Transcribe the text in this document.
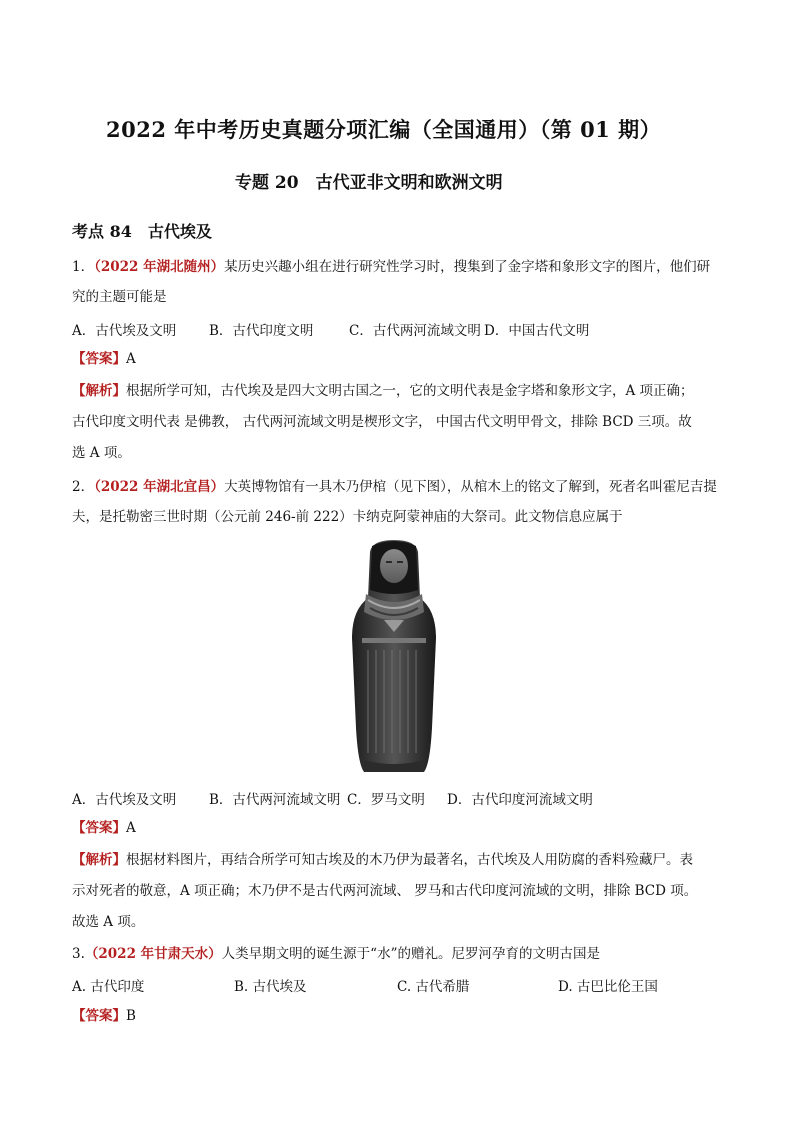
2022 年中考历史真题分项汇编（全国通用）（第 01 期）
专题 20　古代亚非文明和欧洲文明
考点 84　古代埃及
1．（2022 年湖北随州）某历史兴趣小组在进行研究性学习时，搜集到了金字塔和象形文字的图片，他们研
究的主题可能是
A．古代埃及文明 B．古代印度文明	C．古代两河流域文明 D．中国古代文明
【答案】A
【解析】根据所学可知，古代埃及是四大文明古国之一，它的文明代表是金字塔和象形文字，A 项正确；
古代印度文明代表 是佛教， 古代两河流域文明是楔形文字， 中国古代文明甲骨文，排除 BCD 三项。故
选 A 项。
2．（2022 年湖北宜昌）大英博物馆有一具木乃伊棺（见下图），从棺木上的铭文了解到，死者名叫霍尼吉提
夫，是托勒密三世时期（公元前 246-前 222）卡纳克阿蒙神庙的大祭司。此文物信息应属于
A．古代埃及文明 B．古代两河流域文明 C．罗马文明 D．古代印度河流域文明
【答案】A
【解析】根据材料图片，再结合所学可知古埃及的木乃伊为最著名，古代埃及人用防腐的香料殓藏尸。表
示对死者的敬意，A 项正确；木乃伊不是古代两河流域、 罗马和古代印度河流域的文明，排除 BCD 项。
故选 A 项。
3.（2022 年甘肃天水）人类早期文明的诞生源于“水”的赠礼。尼罗河孕育的文明古国是
A. 古代印度	B. 古代埃及	C. 古代希腊	D. 古巴比伦王国
【答案】B
